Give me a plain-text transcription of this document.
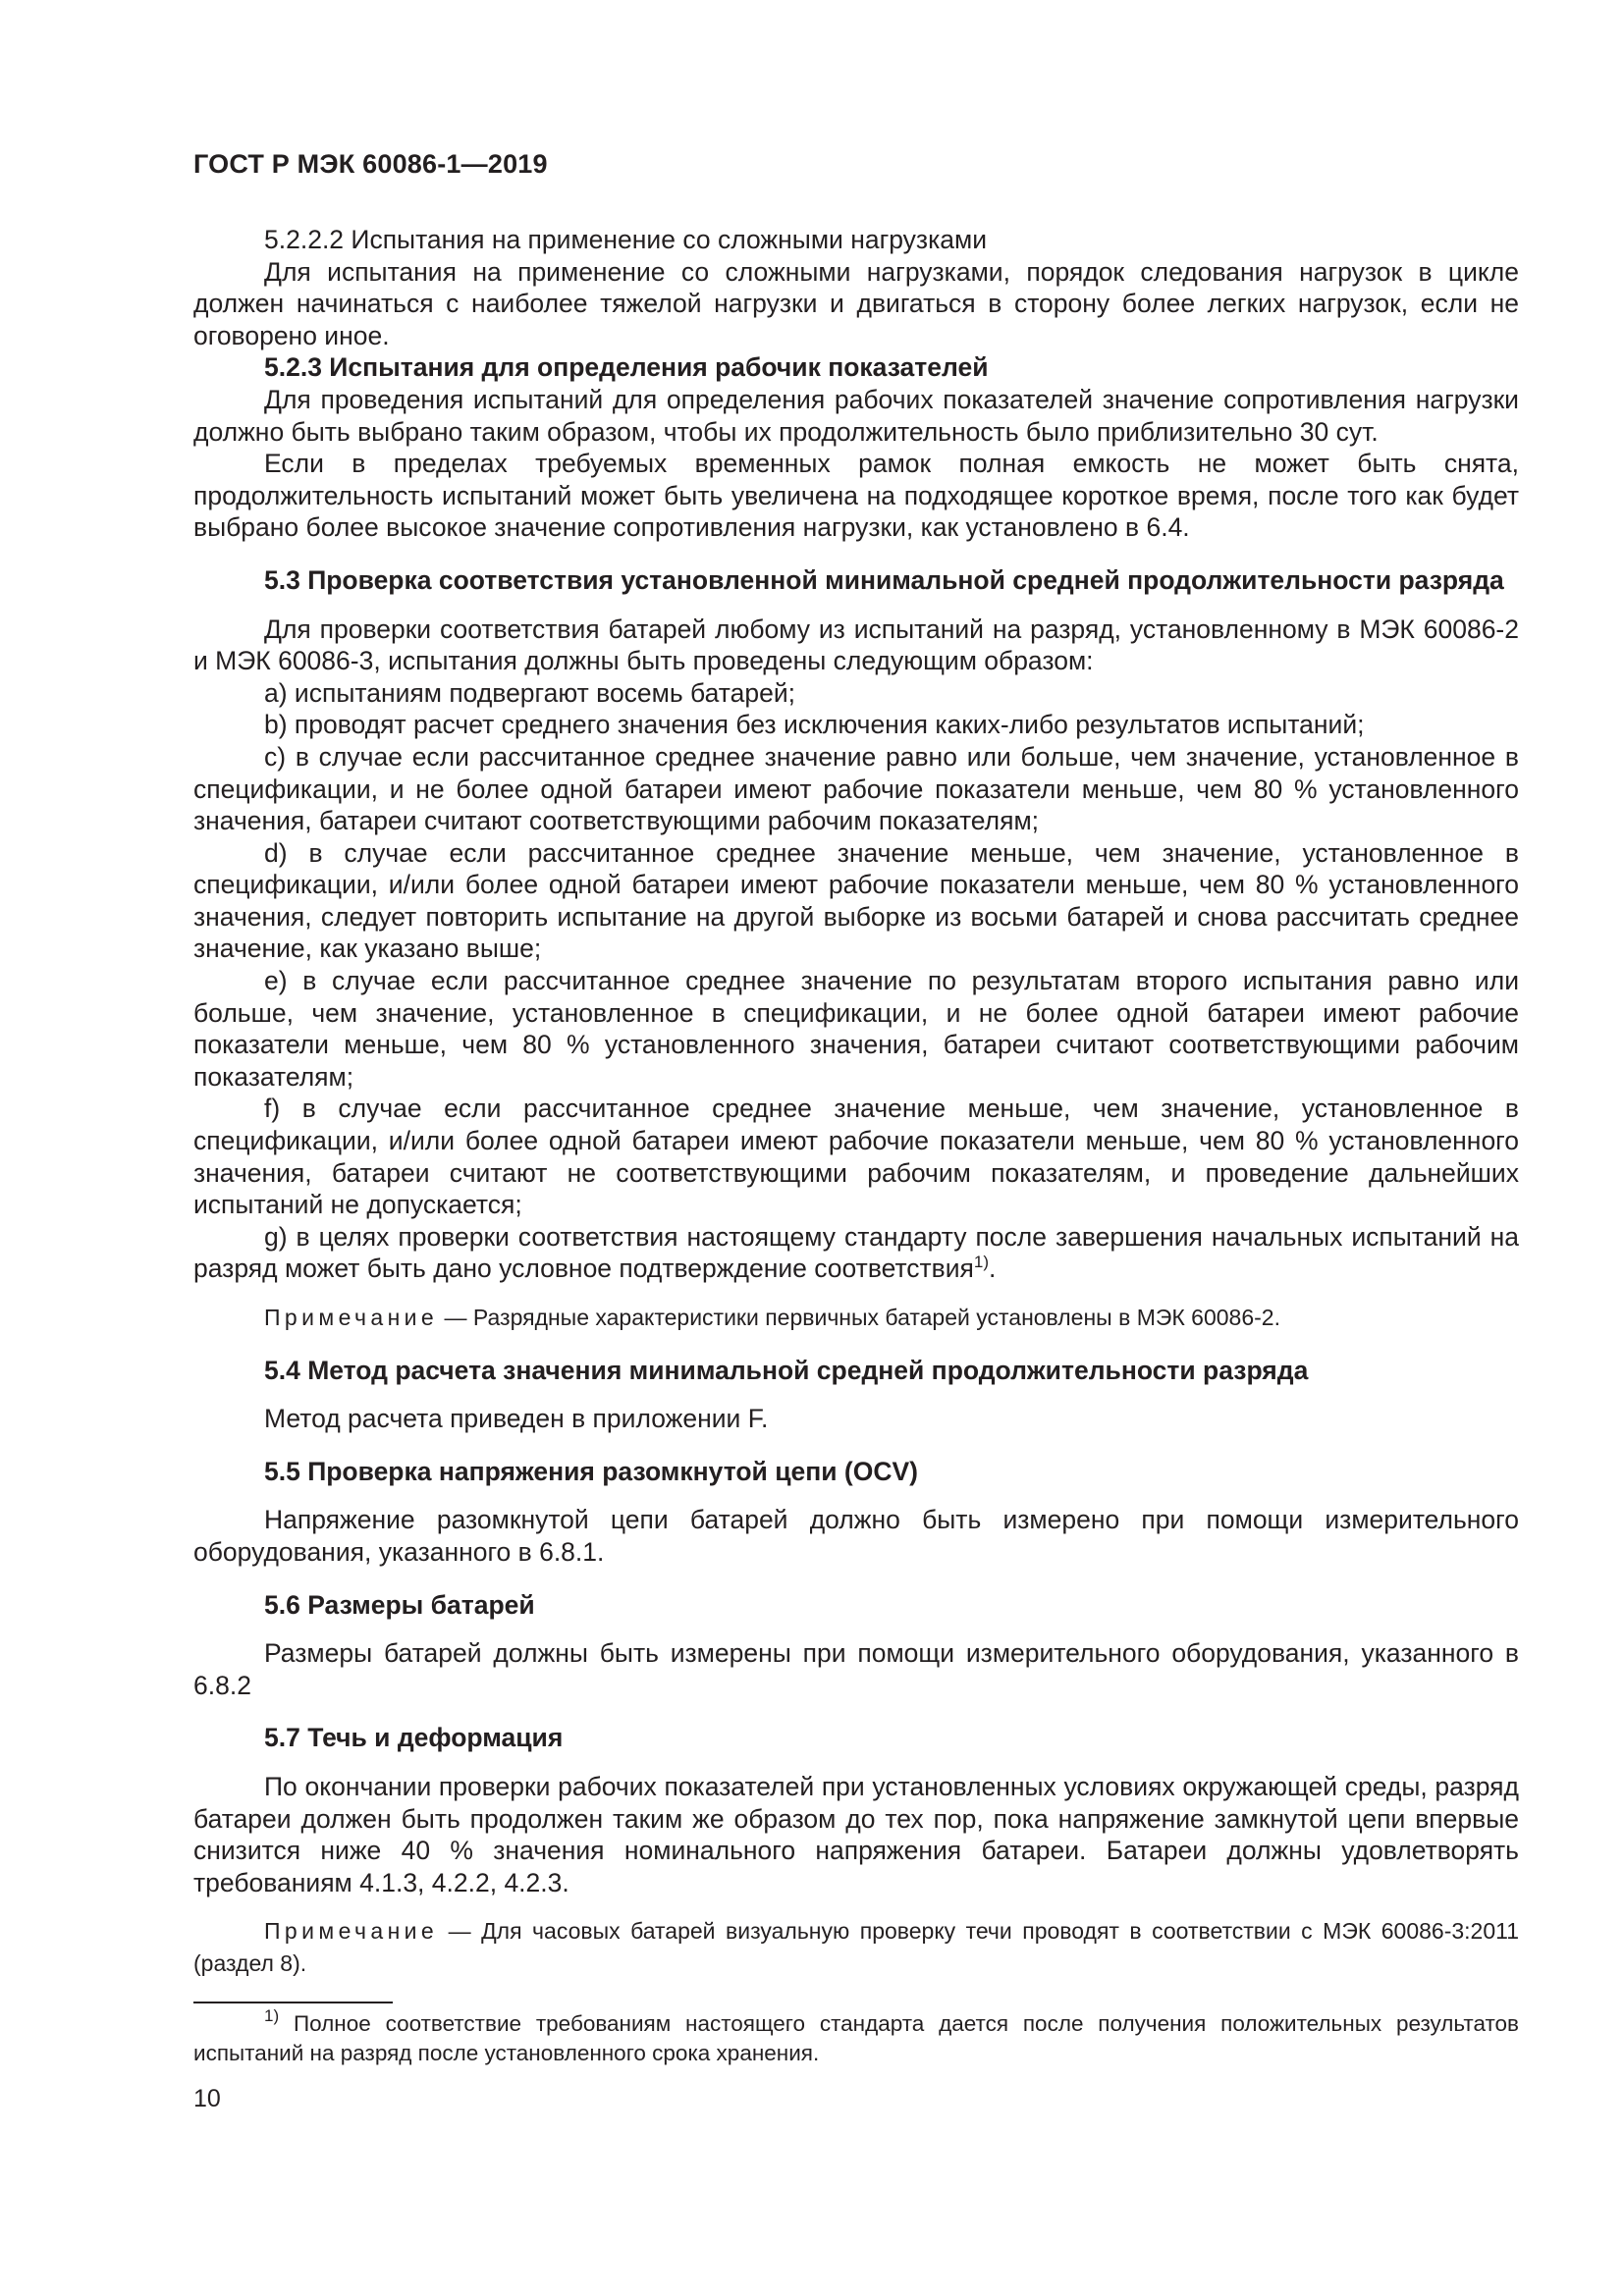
ГОСТ Р МЭК 60086-1—2019

5.2.2.2 Испытания на применение со сложными нагрузками

Для испытания на применение со сложными нагрузками, порядок следования нагрузок в цикле должен начинаться с наиболее тяжелой нагрузки и двигаться в сторону более легких нагрузок, если не оговорено иное.

5.2.3 Испытания для определения рабочик показателей

Для проведения испытаний для определения рабочих показателей значение сопротивления нагрузки должно быть выбрано таким образом, чтобы их продолжительность было приблизительно 30 сут.

Если в пределах требуемых временных рамок полная емкость не может быть снята, продолжительность испытаний может быть увеличена на подходящее короткое время, после того как будет выбрано более высокое значение сопротивления нагрузки, как установлено в 6.4.

5.3 Проверка соответствия установленной минимальной средней продолжительности разряда

Для проверки соответствия батарей любому из испытаний на разряд, установленному в МЭК 60086-2 и МЭК 60086-3, испытания должны быть проведены следующим образом:

a) испытаниям подвергают восемь батарей;

b) проводят расчет среднего значения без исключения каких-либо результатов испытаний;

c) в случае если рассчитанное среднее значение равно или больше, чем значение, установленное в спецификации, и не более одной батареи имеют рабочие показатели меньше, чем 80 % установленного значения, батареи считают соответствующими рабочим показателям;

d) в случае если рассчитанное среднее значение меньше, чем значение, установленное в спецификации, и/или более одной батареи имеют рабочие показатели меньше, чем 80 % установленного значения, следует повторить испытание на другой выборке из восьми батарей и снова рассчитать среднее значение, как указано выше;

e) в случае если рассчитанное среднее значение по результатам второго испытания равно или больше, чем значение, установленное в спецификации, и не более одной батареи имеют рабочие показатели меньше, чем 80 % установленного значения, батареи считают соответствующими рабочим показателям;

f) в случае если рассчитанное среднее значение меньше, чем значение, установленное в спецификации, и/или более одной батареи имеют рабочие показатели меньше, чем 80 % установленного значения, батареи считают не соответствующими рабочим показателям, и проведение дальнейших испытаний не допускается;

g) в целях проверки соответствия настоящему стандарту после завершения начальных испытаний на разряд может быть дано условное подтверждение соответствия$^{1)}$.

Примечание — Разрядные характеристики первичных батарей установлены в МЭК 60086-2.

5.4 Метод расчета значения минимальной средней продолжительности разряда

Метод расчета приведен в приложении F.

5.5 Проверка напряжения разомкнутой цепи (OCV)

Напряжение разомкнутой цепи батарей должно быть измерено при помощи измерительного оборудования, указанного в 6.8.1.

5.6 Размеры батарей

Размеры батарей должны быть измерены при помощи измерительного оборудования, указанного в 6.8.2

5.7 Течь и деформация

По окончании проверки рабочих показателей при установленных условиях окружающей среды, разряд батареи должен быть продолжен таким же образом до тех пор, пока напряжение замкнутой цепи впервые снизится ниже 40 % значения номинального напряжения батареи. Батареи должны удовлетворять требованиям 4.1.3, 4.2.2, 4.2.3.

Примечание — Для часовых батарей визуальную проверку течи проводят в соответствии с МЭК 60086-3:2011 (раздел 8).

$^{1)}$ Полное соответствие требованиям настоящего стандарта дается после получения положительных результатов испытаний на разряд после установленного срока хранения.

10
